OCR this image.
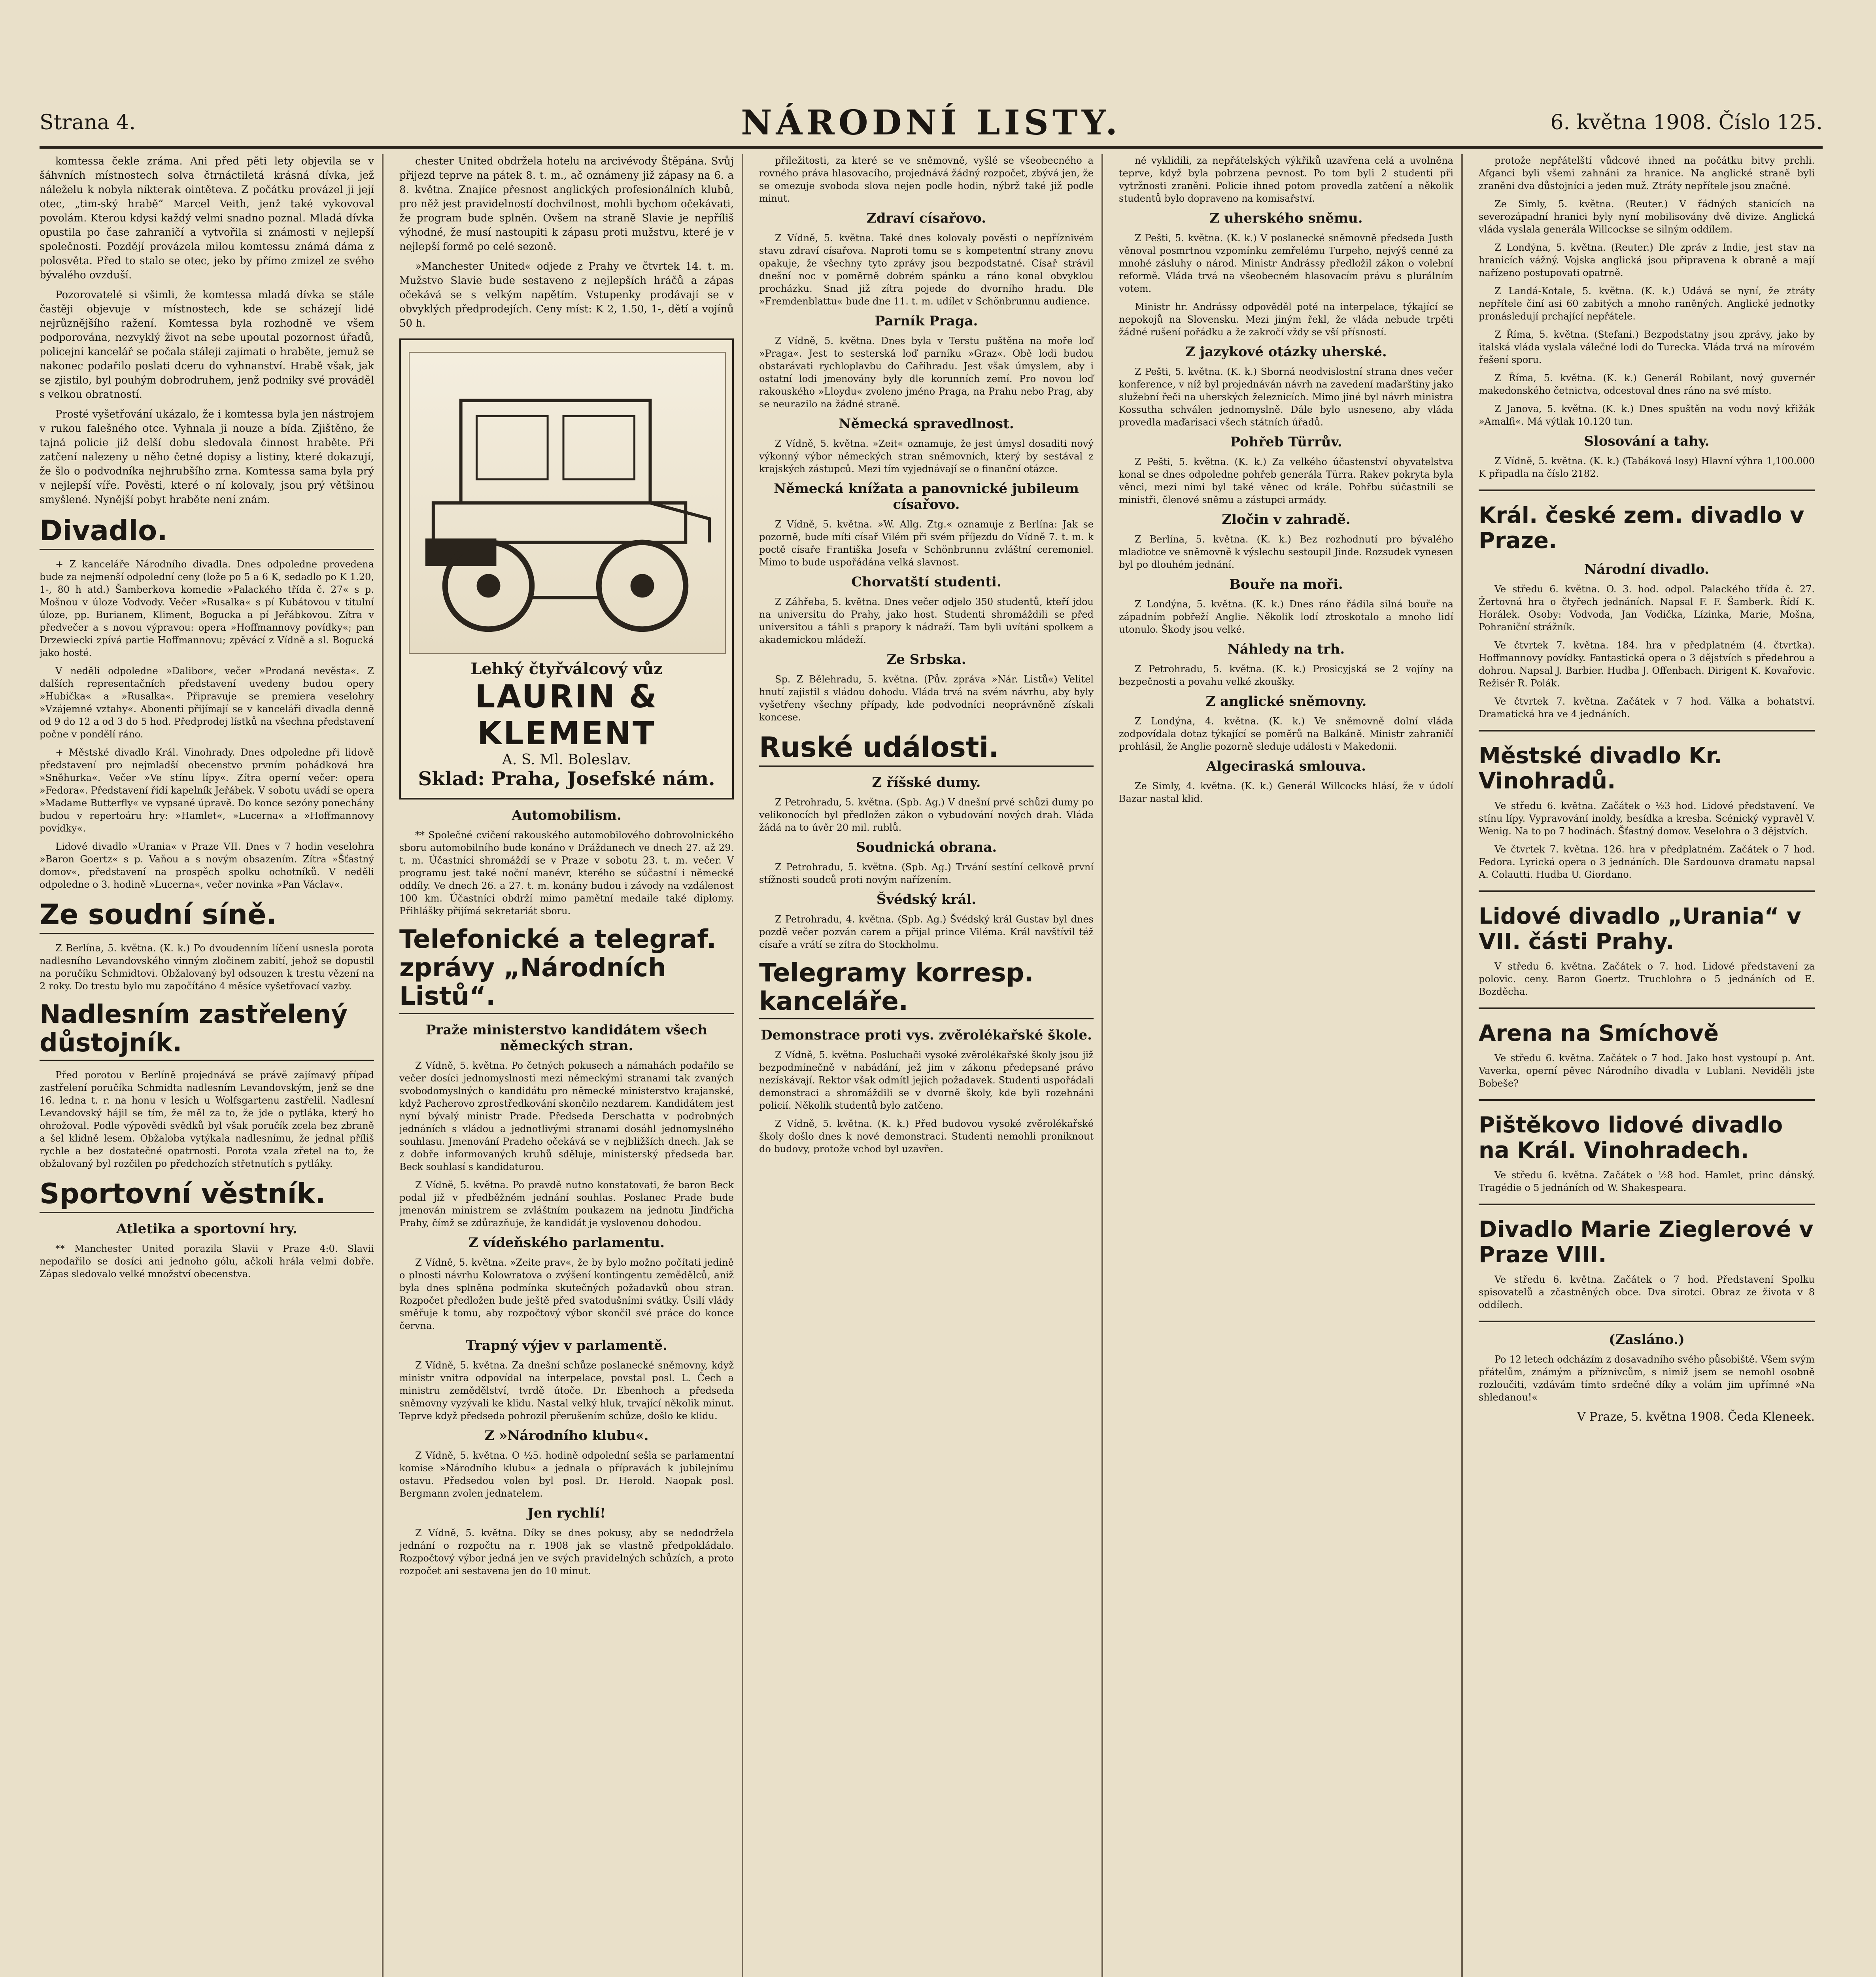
Strana 4.	NÁRODNÍ LISTY.	6. května 1908. Číslo 125.

komtessa čekle zráma. Ani před pěti lety objevila se v šáhvních místnostech solva čtrnáctiletá krásná dívka, jež náleželu k nobyla níkterak ointěteva. Z počátku provázel ji její otec, „tim-ský hrabě“ Marcel Veith, jenž také vykovoval povolám. Kterou kdysi každý velmi snadno poznal. Mladá dívka opustila po čase zahraničí a vytvořila si známosti v nejlepší společnosti. Pozdějí provázela milou komtessu známá dáma z polosvěta. Před to stalo se otec, jeko by přímo zmizel ze svého bývalého ovzduší.

Pozorovatelé si všimli, že komtessa mladá dívka se stále častěji objevuje v místnostech, kde se scházejí lidé nejrůznějšího ražení. Komtessa byla rozhodně ve všem podporována, nezvyklý život na sebe upoutal pozornost úřadů, policejní kancelář se počala stáleji zajímati o hraběte, jemuž se nakonec podařilo poslati dceru do vyhnanství. Hrabě však, jak se zjistilo, byl pouhým dobrodruhem, jenž podniky své prováděl s velkou obratností.

Prosté vyšetřování ukázalo, že i komtessa byla jen nástrojem v rukou falešného otce. Vyhnala ji nouze a bída. Zjištěno, že tajná policie již delší dobu sledovala činnost hraběte. Při zatčení nalezeny u něho četné dopisy a listiny, které dokazují, že šlo o podvodníka nejhrubšího zrna. Komtessa sama byla prý v nejlepší víře. Pověsti, které o ní kolovaly, jsou prý většinou smyšlené. Nynější pobyt hraběte není znám.

Divadlo.

+ Z kanceláře Národního divadla. Dnes odpoledne provedena bude za nejmenší odpolední ceny (lože po 5 a 6 K, sedadlo po K 1.20, 1-, 80 h atd.) Šamberkova komedie »Palackého třída č. 27« s p. Mošnou v úloze Vodvody. Večer »Rusalka« s pí Kubátovou v titulní úloze, pp. Burianem, Kliment, Bogucka a pí Jeřábkovou. Zítra v předvečer a s novou výpravou: opera »Hoffmannovy povídky«; pan Drzewiecki zpívá partie Hoffmannovu; zpěvácí z Vídně a sl. Bogucká jako hosté.

V neděli odpoledne »Dalibor«, večer »Prodaná nevěsta«. Z dalších representačních představení uvedeny budou opery »Hubička« a »Rusalka«. Připravuje se premiera veselohry »Vzájemné vztahy«. Abonenti přijímají se v kanceláři divadla denně od 9 do 12 a od 3 do 5 hod. Předprodej lístků na všechna představení počne v pondělí ráno.

+ Městské divadlo Král. Vinohrady. Dnes odpoledne při lidově představení pro nejmladší obecenstvo prvním pohádková hra »Sněhurka«. Večer »Ve stínu lípy«. Zítra operní večer: opera »Fedora«. Představení řídí kapelník Jeřábek. V sobotu uvádí se opera »Madame Butterfly« ve vypsané úpravě. Do konce sezóny ponechány budou v repertoáru hry: »Hamlet«, »Lucerna« a »Hoffmannovy povídky«.

Lidové divadlo »Urania« v Praze VII. Dnes v 7 hodin veselohra »Baron Goertz« s p. Vaňou a s novým obsazením. Zítra »Šťastný domov«, představení na prospěch spolku ochotníků. V neděli odpoledne o 3. hodině »Lucerna«, večer novinka »Pan Václav«.

Ze soudní síně.

Z Berlína, 5. května. (K. k.) Po dvoudenním líčení usnesla porota nadlesního Levandovského vinným zločinem zabití, jehož se dopustil na poručíku Schmidtovi. Obžalovaný byl odsouzen k trestu vězení na 2 roky. Do trestu bylo mu započítáno 4 měsíce vyšetřovací vazby.

Nadlesním zastřelený důstojník.

Před porotou v Berlíně projednává se právě zajímavý případ zastřelení poručíka Schmidta nadlesním Levandovským, jenž se dne 16. ledna t. r. na honu v lesích u Wolfsgartenu zastřelil. Nadlesní Levandovský hájil se tím, že měl za to, že jde o pytláka, který ho ohrožoval. Podle výpovědi svědků byl však poručík zcela bez zbraně a šel klidně lesem. Obžaloba vytýkala nadlesnímu, že jednal příliš rychle a bez dostatečné opatrnosti. Porota vzala zřetel na to, že obžalovaný byl rozčilen po předchozích střetnutích s pytláky.

Sportovní věstník.
Atletika a sportovní hry.

** Manchester United porazila Slavii v Praze 4:0. Slavii nepodařilo se dosíci ani jednoho gólu, ačkoli hrála velmi dobře. Zápas sledovalo velké množství obecenstva.

chester United obdržela hotelu na arcivévody Štěpána. Svůj přijezd teprve na pátek 8. t. m., ač oznámeny již zápasy na 6. a 8. května. Znajíce přesnost anglických profesionálních klubů, pro něž jest pravidelností dochvilnost, mohli bychom očekávati, že program bude splněn. Ovšem na straně Slavie je nepříliš výhodné, že musí nastoupiti k zápasu proti mužstvu, které je v nejlepší formě po celé sezoně.

»Manchester United« odjede z Prahy ve čtvrtek 14. t. m. Mužstvo Slavie bude sestaveno z nejlepších hráčů a zápas očekává se s velkým napětím. Vstupenky prodávají se v obvyklých předprodejích. Ceny míst: K 2, 1.50, 1-, dětí a vojínů 50 h.

Lehký čtyřválcový vůz
LAURIN & KLEMENT
A. S. Ml. Boleslav.
Sklad: Praha, Josefské nám.
Automobilism.

** Společné cvičení rakouského automobilového dobrovolnického sboru automobilního bude konáno v Dráždanech ve dnech 27. až 29. t. m. Účastníci shromáždí se v Praze v sobotu 23. t. m. večer. V programu jest také noční manévr, kterého se súčastní i německé oddíly. Ve dnech 26. a 27. t. m. konány budou i závody na vzdálenost 100 km. Účastníci obdrží mimo pamětní medaile také diplomy. Přihlášky přijímá sekretariát sboru.

Telefonické a telegraf. zprávy „Národních Listů“.
Praže ministerstvo kandidátem všech německých stran.

Z Vídně, 5. května. Po četných pokusech a námahách podařilo se večer dosíci jednomyslnosti mezi německými stranami tak zvaných svobodomyslných o kandidátu pro německé ministerstvo krajanské, když Pacherovo zprostředkování skončilo nezdarem. Kandidátem jest nyní bývalý ministr Prade. Předseda Derschatta v podrobných jednáních s vládou a jednotlivými stranami dosáhl jednomyslného souhlasu. Jmenování Pradeho očekává se v nejbližších dnech. Jak se z dobře informovaných kruhů sděluje, ministerský předseda bar. Beck souhlasí s kandidaturou.

Z Vídně, 5. května. Po pravdě nutno konstatovati, že baron Beck podal již v předběžném jednání souhlas. Poslanec Prade bude jmenován ministrem se zvláštním poukazem na jednotu Jindřicha Prahy, čímž se zdůrazňuje, že kandidát je vyslovenou dohodou.

Z vídeňského parlamentu.

Z Vídně, 5. května. »Zeite prav«, že by bylo možno počítati jedině o plnosti návrhu Kolowratova o zvýšení kontingentu zemědělců, aniž byla dnes splněna podmínka skutečných požadavků obou stran. Rozpočet předložen bude ještě před svatodušními svátky. Úsilí vlády směřuje k tomu, aby rozpočtový výbor skončil své práce do konce června.

Trapný výjev v parlamentě.

Z Vídně, 5. května. Za dnešní schůze poslanecké sněmovny, když ministr vnitra odpovídal na interpelace, povstal posl. L. Čech a ministru zemědělství, tvrdě útoče. Dr. Ebenhoch a předseda sněmovny vyzývali ke klidu. Nastal velký hluk, trvající několik minut. Teprve když předseda pohrozil přerušením schůze, došlo ke klidu.

Z »Národního klubu«.

Z Vídně, 5. května. O ½5. hodině odpolední sešla se parlamentní komise »Národního klubu« a jednala o přípravách k jubilejnímu ostavu. Předsedou volen byl posl. Dr. Herold. Naopak posl. Bergmann zvolen jednatelem.

Jen rychlí!

Z Vídně, 5. května. Díky se dnes pokusy, aby se nedodržela jednání o rozpočtu na r. 1908 jak se vlastně předpokládalo. Rozpočtový výbor jedná jen ve svých pravidelných schůzích, a proto rozpočet ani sestavena jen do 10 minut.

příležitosti, za které se ve sněmovně, vyšlé se všeobecného a rovného práva hlasovacího, projednává žádný rozpočet, zbývá jen, že se omezuje svoboda slova nejen podle hodin, nýbrž také již podle minut.

Zdraví císařovo.

Z Vídně, 5. května. Také dnes kolovaly pověsti o nepříznivém stavu zdraví císařova. Naproti tomu se s kompetentní strany znovu opakuje, že všechny tyto zprávy jsou bezpodstatné. Císař strávil dnešní noc v poměrně dobrém spánku a ráno konal obvyklou procházku. Snad již zítra pojede do dvorního hradu. Dle »Fremdenblattu« bude dne 11. t. m. udílet v Schönbrunnu audience.

Parník Praga.

Z Vídně, 5. května. Dnes byla v Terstu puštěna na moře loď »Praga«. Jest to sesterská loď parníku »Graz«. Obě lodi budou obstarávati rychloplavbu do Cařihradu. Jest však úmyslem, aby i ostatní lodi jmenovány byly dle korunních zemí. Pro novou loď rakouského »Lloydu« zvoleno jméno Praga, na Prahu nebo Prag, aby se neurazilo na žádné straně.

Německá spravedlnost.

Z Vídně, 5. května. »Zeit« oznamuje, že jest úmysl dosaditi nový výkonný výbor německých stran sněmovních, který by sestával z krajských zástupců. Mezi tím vyjednávají se o finanční otázce.

Německá knížata a panovnické jubileum císařovo.

Z Vídně, 5. května. »W. Allg. Ztg.« oznamuje z Berlína: Jak se pozorně, bude míti císař Vilém při svém příjezdu do Vídně 7. t. m. k poctě císaře Františka Josefa v Schönbrunnu zvláštní ceremoniel. Mimo to bude uspořádána velká slavnost.

Chorvatští studenti.

Z Záhřeba, 5. května. Dnes večer odjelo 350 studentů, kteří jdou na universitu do Prahy, jako host. Studenti shromáždili se před universitou a táhli s prapory k nádraží. Tam byli uvítáni spolkem a akademickou mládeží.

Ze Srbska.

Sp. Z Bělehradu, 5. května. (Pův. zpráva »Nár. Listů«) Velitel hnutí zajistil s vládou dohodu. Vláda trvá na svém návrhu, aby byly vyšetřeny všechny případy, kde podvodníci neoprávněně získali koncese.

Ruské události.
Z říšské dumy.

Z Petrohradu, 5. května. (Spb. Ag.) V dnešní prvé schůzi dumy po velikonocích byl předložen zákon o vybudování nových drah. Vláda žádá na to úvěr 20 mil. rublů.

Soudnická obrana.

Z Petrohradu, 5. května. (Spb. Ag.) Trvání sestíní celkově první stížnosti soudců proti novým nařízením.

Švédský král.

Z Petrohradu, 4. května. (Spb. Ag.) Švédský král Gustav byl dnes pozdě večer pozván carem a přijal prince Viléma. Král navštívil též císaře a vrátí se zítra do Stockholmu.

Telegramy korresp. kanceláře.
Demonstrace proti vys. zvěrolékařské škole.

Z Vídně, 5. května. Posluchači vysoké zvěrolékařské školy jsou již bezpodmínečně v nabádání, jež jim v zákonu předepsané právo nezískávají. Rektor však odmítl jejich požadavek. Studenti uspořádali demonstraci a shromáždili se v dvorně školy, kde byli rozehnáni policií. Několik studentů bylo zatčeno.

Z Vídně, 5. května. (K. k.) Před budovou vysoké zvěrolékařské školy došlo dnes k nové demonstraci. Studenti nemohli proniknout do budovy, protože vchod byl uzavřen.

né vyklidili, za nepřátelských výkřiků uzavřena celá a uvolněna teprve, když byla pobrzena pevnost. Po tom byli 2 studenti při vytržnosti zraněni. Policie ihned potom provedla zatčení a několik studentů bylo dopraveno na komisařství.

Z uherského sněmu.

Z Pešti, 5. května. (K. k.) V poslanecké sněmovně předseda Justh věnoval posmrtnou vzpomínku zemřelému Turpeho, nejvýš cenné za mnohé zásluhy o národ. Ministr Andrássy předložil zákon o volební reformě. Vláda trvá na všeobecném hlasovacím právu s plurálním votem.

Ministr hr. Andrássy odpověděl poté na interpelace, týkající se nepokojů na Slovensku. Mezi jiným řekl, že vláda nebude trpěti žádné rušení pořádku a že zakročí vždy se vší přísností.

Z jazykové otázky uherské.

Z Pešti, 5. května. (K. k.) Sborná neodvislostní strana dnes večer konference, v níž byl projednáván návrh na zavedení maďarštiny jako služební řeči na uherských železnicích. Mimo jiné byl návrh ministra Kossutha schválen jednomyslně. Dále bylo usneseno, aby vláda provedla maďarisaci všech státních úřadů.

Pohřeb Türrův.

Z Pešti, 5. května. (K. k.) Za velkého účastenství obyvatelstva konal se dnes odpoledne pohřeb generála Türra. Rakev pokryta byla věnci, mezi nimi byl také věnec od krále. Pohřbu súčastnili se ministři, členové sněmu a zástupci armády.

Zločin v zahradě.

Z Berlína, 5. května. (K. k.) Bez rozhodnutí pro bývalého mladiotce ve sněmovně k výslechu sestoupil Jinde. Rozsudek vynesen byl po dlouhém jednání.

Bouře na moři.

Z Londýna, 5. května. (K. k.) Dnes ráno řádila silná bouře na západním pobřeží Anglie. Několik lodí ztroskotalo a mnoho lidí utonulo. Škody jsou velké.

Náhledy na trh.

Z Petrohradu, 5. května. (K. k.) Prosicyjská se 2 vojíny na bezpečnosti a povahu velké zkoušky.

Z anglické sněmovny.

Z Londýna, 4. května. (K. k.) Ve sněmovně dolní vláda zodpovídala dotaz týkající se poměrů na Balkáně. Ministr zahraničí prohlásil, že Anglie pozorně sleduje události v Makedonii.

Algeciraská smlouva.

Ze Simly, 4. května. (K. k.) Generál Willcocks hlásí, že v údolí Bazar nastal klid.

protože nepřátelští vůdcové ihned na počátku bitvy prchli. Afganci byli všemi zahnáni za hranice. Na anglické straně byli zraněni dva důstojníci a jeden muž. Ztráty nepřítele jsou značné.

Ze Simly, 5. května. (Reuter.) V řádných stanicích na severozápadní hranici byly nyní mobilisovány dvě divize. Anglická vláda vyslala generála Willcockse se silným oddílem.

Z Londýna, 5. května. (Reuter.) Dle zpráv z Indie, jest stav na hranicích vážný. Vojska anglická jsou připravena k obraně a mají nařízeno postupovati opatrně.

Z Landá-Kotale, 5. května. (K. k.) Udává se nyní, že ztráty nepřítele činí asi 60 zabitých a mnoho raněných. Anglické jednotky pronásledují prchající nepřátele.

Z Říma, 5. května. (Stefani.) Bezpodstatny jsou zprávy, jako by italská vláda vyslala válečné lodi do Turecka. Vláda trvá na mírovém řešení sporu.

Z Říma, 5. května. (K. k.) Generál Robilant, nový guvernér makedonského četnictva, odcestoval dnes ráno na své místo.

Z Janova, 5. května. (K. k.) Dnes spuštěn na vodu nový křižák »Amalfi«. Má výtlak 10.120 tun.

Slosování a tahy.

Z Vídně, 5. května. (K. k.) (Tabáková losy) Hlavní výhra 1,100.000 K připadla na číslo 2182.

Král. české zem. divadlo v Praze.
Národní divadlo.

Ve středu 6. května. O. 3. hod. odpol. Palackého třída č. 27. Žertovná hra o čtyřech jednáních. Napsal F. F. Šamberk. Řídí K. Horálek. Osoby: Vodvoda, Jan Vodička, Lízinka, Marie, Mošna, Pohraniční strážník.

Ve čtvrtek 7. května. 184. hra v předplatném (4. čtvrtka). Hoffmannovy povídky. Fantastická opera o 3 dějstvích s předehrou a dohrou. Napsal J. Barbier. Hudba J. Offenbach. Dirigent K. Kovařovic. Režisér R. Polák.

Ve čtvrtek 7. května. Začátek v 7 hod. Válka a bohatství. Dramatická hra ve 4 jednáních.

Městské divadlo Kr. Vinohradů.

Ve středu 6. května. Začátek o ½3 hod. Lidové představení. Ve stínu lípy. Vypravování inoldy, besídka a kresba. Scénický vypravěl V. Wenig. Na to po 7 hodinách. Šťastný domov. Veselohra o 3 dějstvích.

Ve čtvrtek 7. května. 126. hra v předplatném. Začátek o 7 hod. Fedora. Lyrická opera o 3 jednáních. Dle Sardouova dramatu napsal A. Colautti. Hudba U. Giordano.

Lidové divadlo „Urania“ v VII. části Prahy.

V středu 6. května. Začátek o 7. hod. Lidové představení za polovic. ceny. Baron Goertz. Truchlohra o 5 jednáních od E. Bozděcha.

Arena na Smíchově

Ve středu 6. května. Začátek o 7 hod. Jako host vystoupí p. Ant. Vaverka, operní pěvec Národního divadla v Lublani. Neviděli jste Bobeše?

Pištěkovo lidové divadlo na Král. Vinohradech.

Ve středu 6. května. Začátek o ½8 hod. Hamlet, princ dánský. Tragédie o 5 jednáních od W. Shakespeara.

Divadlo Marie Zieglerové v Praze VIII.

Ve středu 6. května. Začátek o 7 hod. Představení Spolku spisovatelů a zčastněných obce. Dva sirotci. Obraz ze života v 8 oddílech.

(Zasláno.)

Po 12 letech odcházím z dosavadního svého působiště. Všem svým přátelům, známým a příznivcům, s nimiž jsem se nemohl osobně rozloučiti, vzdávám tímto srdečné díky a volám jim upřímné »Na shledanou!«

V Praze, 5. května 1908. Čeda Kleneek.
